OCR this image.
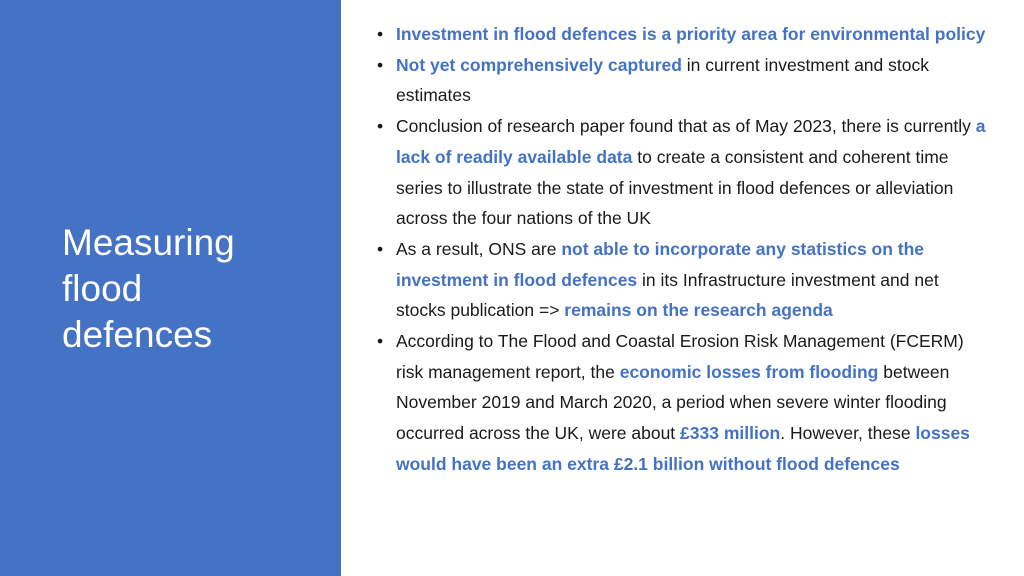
Measuring
flood
defences
• Investment in flood defences is a priority area for environmental policy
• Not yet comprehensively captured in current investment and stock estimates
• Conclusion of research paper found that as of May 2023, there is currently a lack of readily available data to create a consistent and coherent time series to illustrate the state of investment in flood defences or alleviation across the four nations of the UK
• As a result, ONS are not able to incorporate any statistics on the investment in flood defences in its Infrastructure investment and net stocks publication => remains on the research agenda
• According to The Flood and Coastal Erosion Risk Management (FCERM) risk management report, the economic losses from flooding between November 2019 and March 2020, a period when severe winter flooding occurred across the UK, were about £333 million. However, these losses would have been an extra £2.1 billion without flood defences
